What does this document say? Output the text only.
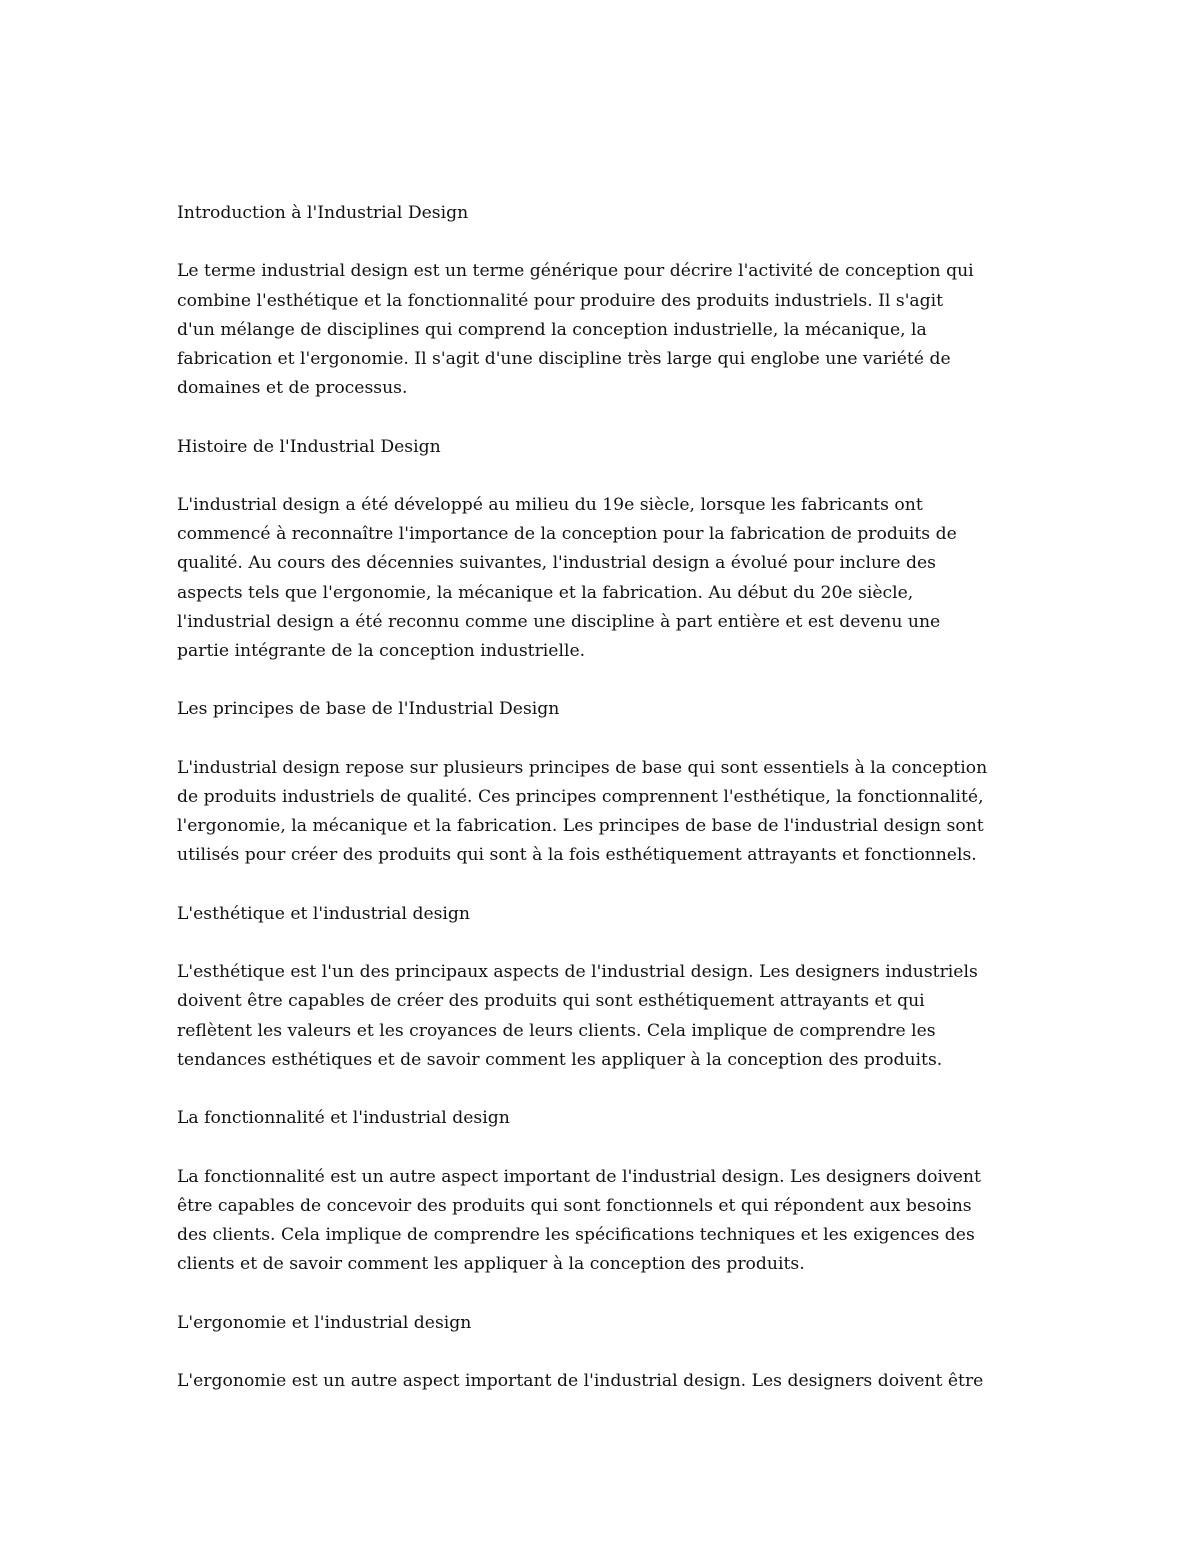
Introduction à l'Industrial Design

Le terme industrial design est un terme générique pour décrire l'activité de conception qui
combine l'esthétique et la fonctionnalité pour produire des produits industriels. Il s'agit
d'un mélange de disciplines qui comprend la conception industrielle, la mécanique, la
fabrication et l'ergonomie. Il s'agit d'une discipline très large qui englobe une variété de
domaines et de processus.

Histoire de l'Industrial Design

L'industrial design a été développé au milieu du 19e siècle, lorsque les fabricants ont
commencé à reconnaître l'importance de la conception pour la fabrication de produits de
qualité. Au cours des décennies suivantes, l'industrial design a évolué pour inclure des
aspects tels que l'ergonomie, la mécanique et la fabrication. Au début du 20e siècle,
l'industrial design a été reconnu comme une discipline à part entière et est devenu une
partie intégrante de la conception industrielle.

Les principes de base de l'Industrial Design

L'industrial design repose sur plusieurs principes de base qui sont essentiels à la conception
de produits industriels de qualité. Ces principes comprennent l'esthétique, la fonctionnalité,
l'ergonomie, la mécanique et la fabrication. Les principes de base de l'industrial design sont
utilisés pour créer des produits qui sont à la fois esthétiquement attrayants et fonctionnels.

L'esthétique et l'industrial design

L'esthétique est l'un des principaux aspects de l'industrial design. Les designers industriels
doivent être capables de créer des produits qui sont esthétiquement attrayants et qui
reflètent les valeurs et les croyances de leurs clients. Cela implique de comprendre les
tendances esthétiques et de savoir comment les appliquer à la conception des produits.

La fonctionnalité et l'industrial design

La fonctionnalité est un autre aspect important de l'industrial design. Les designers doivent
être capables de concevoir des produits qui sont fonctionnels et qui répondent aux besoins
des clients. Cela implique de comprendre les spécifications techniques et les exigences des
clients et de savoir comment les appliquer à la conception des produits.

L'ergonomie et l'industrial design

L'ergonomie est un autre aspect important de l'industrial design. Les designers doivent être
